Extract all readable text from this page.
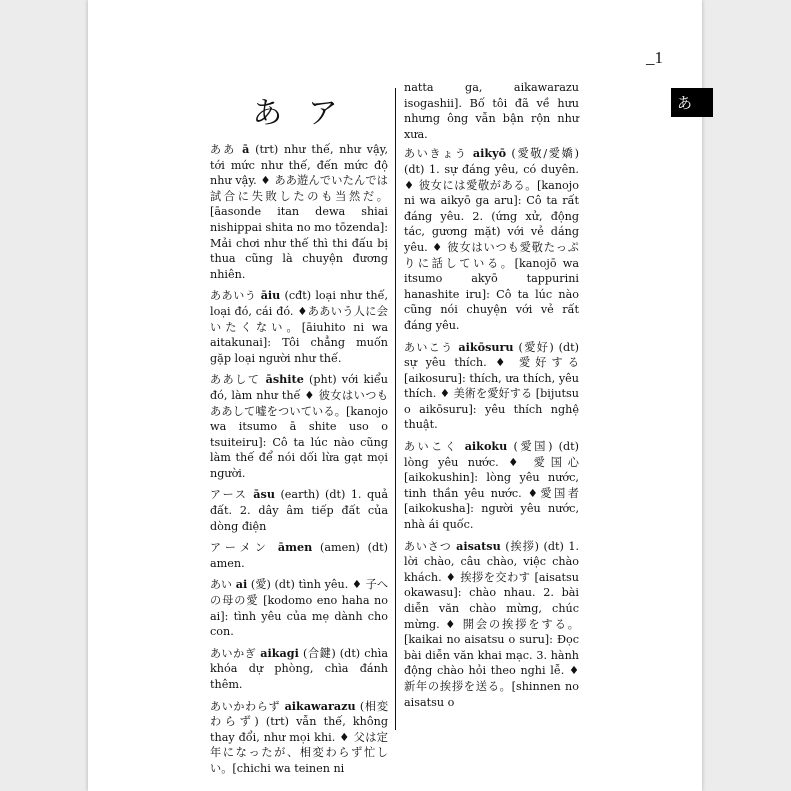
_1
あ
あ ア
ああ ā (trt) như thế, như vậy, tới mức như thế, đến mức độ như vậy. ♦ ああ遊んでいたんでは試合に失敗したのも当然だ。[āasonde itan dewa shiai nishippai shita no mo tōzenda]: Mải chơi như thế thì thi đấu bị thua cũng là chuyện đương nhiên.
ああいう āiu (cđt) loại như thế, loại đó, cái đó. ♦ああいう人に会いたくない。[āiuhito ni wa aitakunai]: Tôi chẳng muốn gặp loại người như thế.
ああして āshite (pht) với kiểu đó, làm như thế ♦ 彼女はいつもああして嘘をついている。[kanojo wa itsumo ā shite uso o tsuiteiru]: Cô ta lúc nào cũng làm thế để nói dối lừa gạt mọi người.
アース āsu (earth) (dt) 1. quả đất. 2. dây âm tiếp đất của dòng điện
アーメン āmen (amen) (dt) amen.
あい ai (愛) (dt) tình yêu. ♦ 子への母の愛 [kodomo eno haha no ai]: tình yêu của mẹ dành cho con.
あいかぎ aikagi (合鍵) (dt) chìa khóa dự phòng, chìa đánh thêm.
あいかわらず aikawarazu (相変わらず) (trt) vẫn thế, không thay đổi, như mọi khi. ♦ 父は定年になったが、相変わらず忙しい。[chichi wa teinen ni
natta ga, aikawarazu isogashii]. Bố tôi đã về hưu nhưng ông vẫn bận rộn như xưa.
あいきょう aikyō (愛敬/愛嬌) (dt) 1. sự đáng yêu, có duyên. ♦ 彼女には愛敬がある。[kanojo ni wa aikyō ga aru]: Cô ta rất đáng yêu. 2. (ứng xử, động tác, gương mặt) với vẻ dáng yêu. ♦ 彼女はいつも愛敬たっぷりに話している。[kanojō wa itsumo akyō tappurini hanashite iru]: Cô ta lúc nào cũng nói chuyện với vẻ rất đáng yêu.
あいこう aikōsuru (愛好) (dt) sự yêu thích. ♦ 愛好する [aikosuru]: thích, ưa thích, yêu thích. ♦ 美術を愛好する [bijutsu o aikōsuru]: yêu thích nghệ thuật.
あいこく aikoku (愛国) (dt) lòng yêu nước. ♦ 愛国心 [aikokushin]: lòng yêu nước, tinh thần yêu nước. ♦愛国者 [aikokusha]: người yêu nước, nhà ái quốc.
あいさつ aisatsu (挨拶) (dt) 1. lời chào, câu chào, việc chào khách. ♦ 挨拶を交わす [aisatsu okawasu]: chào nhau. 2. bài diễn văn chào mừng, chúc mừng. ♦ 開会の挨拶をする。[kaikai no aisatsu o suru]: Đọc bài diễn văn khai mạc. 3. hành động chào hỏi theo nghi lễ. ♦ 新年の挨拶を送る。[shinnen no aisatsu o
